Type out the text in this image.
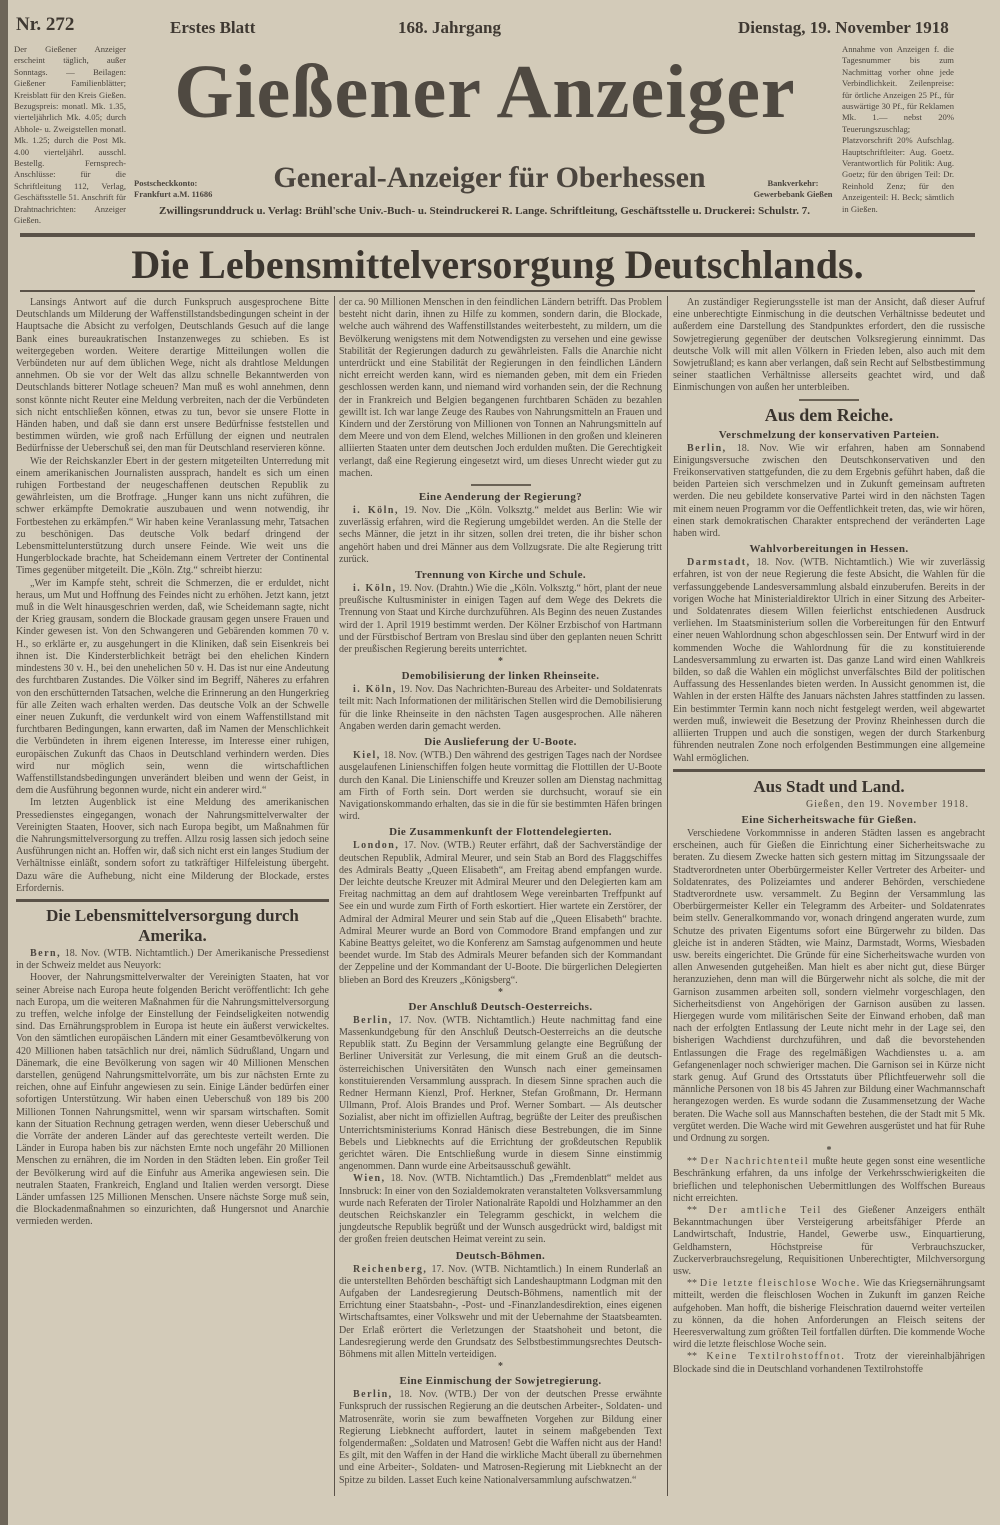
Nr. 272	Erstes Blatt	168. Jahrgang	Dienstag, 19. November 1918
Der Gießener Anzeiger erscheint täglich, außer Sonntags. — Beilagen: Gießener Familienblätter; Kreisblatt für den Kreis Gießen. Bezugspreis: monatl. Mk. 1.35, vierteljährlich Mk. 4.05; durch Abhole- u. Zweigstellen monatl. Mk. 1.25; durch die Post Mk. 4.00 vierteljährl. ausschl. Bestellg. Fernsprech-Anschlüsse: für die Schriftleitung 112, Verlag, Geschäftsstelle 51. Anschrift für Drahtnachrichten: Anzeiger Gießen.
Annahme von Anzeigen f. die Tagesnummer bis zum Nachmittag vorher ohne jede Verbindlichkeit. Zeilenpreise: für örtliche Anzeigen 25 Pf., für auswärtige 30 Pf., für Reklamen Mk. 1.— nebst 20% Teuerungszuschlag; Platzvorschrift 20% Aufschlag. Hauptschriftleiter: Aug. Goetz. Verantwortlich für Politik: Aug. Goetz; für den übrigen Teil: Dr. Reinhold Zenz; für den Anzeigenteil: H. Beck; sämtlich in Gießen.
Gießener Anzeiger
Postscheckkonto:
Frankfurt a.M. 11686
General-Anzeiger für Oberhessen	Bankverkehr:
Gewerbebank Gießen
Zwillingsrunddruck u. Verlag: Brühl'sche Univ.-Buch- u. Steindruckerei R. Lange. Schriftleitung, Geschäftsstelle u. Druckerei: Schulstr. 7.
Die Lebensmittelversorgung Deutschlands.

Lansings Antwort auf die durch Funkspruch ausgesprochene Bitte Deutschlands um Milderung der Waffenstillstandsbedingungen scheint in der Hauptsache die Absicht zu verfolgen, Deutschlands Gesuch auf die lange Bank eines bureaukratischen Instanzenweges zu schieben. Es ist weitergegeben worden. Weitere derartige Mitteilungen wollen die Verbündeten nur auf dem üblichen Wege, nicht als drahtlose Meldungen annehmen. Ob sie vor der Welt das allzu schnelle Bekanntwerden von Deutschlands bitterer Notlage scheuen? Man muß es wohl annehmen, denn sonst könnte nicht Reuter eine Meldung verbreiten, nach der die Verbündeten sich nicht entschließen können, etwas zu tun, bevor sie unsere Flotte in Händen haben, und daß sie dann erst unsere Bedürfnisse feststellen und bestimmen würden, wie groß nach Erfüllung der eignen und neutralen Bedürfnisse der Ueberschuß sei, den man für Deutschland reservieren könne.

Wie der Reichskanzler Ebert in der gestern mitgeteilten Unterredung mit einem amerikanischen Journalisten aussprach, handelt es sich um einen ruhigen Fortbestand der neugeschaffenen deutschen Republik zu gewährleisten, um die Brotfrage. „Hunger kann uns nicht zuführen, die schwer erkämpfte Demokratie auszubauen und wenn notwendig, ihr Fortbestehen zu erkämpfen.“ Wir haben keine Veranlassung mehr, Tatsachen zu beschönigen. Das deutsche Volk bedarf dringend der Lebensmittelunterstützung durch unsere Feinde. Wie weit uns die Hungerblockade brachte, hat Scheidemann einem Vertreter der Continental Times gegenüber mitgeteilt. Die „Köln. Ztg.“ schreibt hierzu:

„Wer im Kampfe steht, schreit die Schmerzen, die er erduldet, nicht heraus, um Mut und Hoffnung des Feindes nicht zu erhöhen. Jetzt kann, jetzt muß in die Welt hinausgeschrien werden, daß, wie Scheidemann sagte, nicht der Krieg grausam, sondern die Blockade grausam gegen unsere Frauen und Kinder gewesen ist. Von den Schwangeren und Gebärenden kommen 70 v. H., so erklärte er, zu ausgehungert in die Kliniken, daß sein Eisenkreis bei ihnen ist. Die Kindersterblichkeit beträgt bei den ehelichen Kindern mindestens 30 v. H., bei den unehelichen 50 v. H. Das ist nur eine Andeutung des furchtbaren Zustandes. Die Völker sind im Begriff, Näheres zu erfahren von den erschütternden Tatsachen, welche die Erinnerung an den Hungerkrieg für alle Zeiten wach erhalten werden. Das deutsche Volk an der Schwelle einer neuen Zukunft, die verdunkelt wird von einem Waffenstillstand mit furchtbaren Bedingungen, kann erwarten, daß im Namen der Menschlichkeit die Verbündeten in ihrem eigenen Interesse, im Interesse einer ruhigen, europäischen Zukunft das Chaos in Deutschland verhindern werden. Dies wird nur möglich sein, wenn die wirtschaftlichen Waffenstillstandsbedingungen unverändert bleiben und wenn der Geist, in dem die Ausführung begonnen wurde, nicht ein anderer wird.“

Im letzten Augenblick ist eine Meldung des amerikanischen Pressedienstes eingegangen, wonach der Nahrungsmittelverwalter der Vereinigten Staaten, Hoover, sich nach Europa begibt, um Maßnahmen für die Nahrungsmittelversorgung zu treffen. Allzu rosig lassen sich jedoch seine Ausführungen nicht an. Hoffen wir, daß sich nicht erst ein langes Studium der Verhältnisse einläßt, sondern sofort zu tatkräftiger Hilfeleistung übergeht. Dazu wäre die Aufhebung, nicht eine Milderung der Blockade, erstes Erfordernis.

Die Lebensmittelversorgung durch Amerika.

Bern, 18. Nov. (WTB. Nichtamtlich.) Der Amerikanische Pressedienst in der Schweiz meldet aus Neuyork:

Hoover, der Nahrungsmittelverwalter der Vereinigten Staaten, hat vor seiner Abreise nach Europa heute folgenden Bericht veröffentlicht: Ich gehe nach Europa, um die weiteren Maßnahmen für die Nahrungsmittelversorgung zu treffen, welche infolge der Einstellung der Feindseligkeiten notwendig sind. Das Ernährungsproblem in Europa ist heute ein äußerst verwickeltes. Von den sämtlichen europäischen Ländern mit einer Gesamtbevölkerung von 420 Millionen haben tatsächlich nur drei, nämlich Südrußland, Ungarn und Dänemark, die eine Bevölkerung von sagen wir 40 Millionen Menschen darstellen, genügend Nahrungsmittelvorräte, um bis zur nächsten Ernte zu reichen, ohne auf Einfuhr angewiesen zu sein. Einige Länder bedürfen einer sofortigen Unterstützung. Wir haben einen Ueberschuß von 189 bis 200 Millionen Tonnen Nahrungsmittel, wenn wir sparsam wirtschaften. Somit kann der Situation Rechnung getragen werden, wenn dieser Ueberschuß und die Vorräte der anderen Länder auf das gerechteste verteilt werden. Die Länder in Europa haben bis zur nächsten Ernte noch ungefähr 20 Millionen Menschen zu ernähren, die im Norden in den Städten leben. Ein großer Teil der Bevölkerung wird auf die Einfuhr aus Amerika angewiesen sein. Die neutralen Staaten, Frankreich, England und Italien werden versorgt. Diese Länder umfassen 125 Millionen Menschen. Unsere nächste Sorge muß sein, die Blockadenmaßnahmen so einzurichten, daß Hungersnot und Anarchie vermieden werden.

der ca. 90 Millionen Menschen in den feindlichen Ländern betrifft. Das Problem besteht nicht darin, ihnen zu Hilfe zu kommen, sondern darin, die Blockade, welche auch während des Waffenstillstandes weiterbesteht, zu mildern, um die Bevölkerung wenigstens mit dem Notwendigsten zu versehen und eine gewisse Stabilität der Regierungen dadurch zu gewährleisten. Falls die Anarchie nicht unterdrückt und eine Stabilität der Regierungen in den feindlichen Ländern nicht erreicht werden kann, wird es niemanden geben, mit dem ein Frieden geschlossen werden kann, und niemand wird vorhanden sein, der die Rechnung der in Frankreich und Belgien begangenen furchtbaren Schäden zu bezahlen gewillt ist. Ich war lange Zeuge des Raubes von Nahrungsmitteln an Frauen und Kindern und der Zerstörung von Millionen von Tonnen an Nahrungsmitteln auf dem Meere und von dem Elend, welches Millionen in den großen und kleineren alliierten Staaten unter dem deutschen Joch erdulden mußten. Die Gerechtigkeit verlangt, daß eine Regierung eingesetzt wird, um dieses Unrecht wieder gut zu machen.

Eine Aenderung der Regierung?

i. Köln, 19. Nov. Die „Köln. Volksztg.“ meldet aus Berlin: Wie wir zuverlässig erfahren, wird die Regierung umgebildet werden. An die Stelle der sechs Männer, die jetzt in ihr sitzen, sollen drei treten, die ihr bisher schon angehört haben und drei Männer aus dem Vollzugsrate. Die alte Regierung tritt zurück.

Trennung von Kirche und Schule.

i. Köln, 19. Nov. (Drahtn.) Wie die „Köln. Volksztg.“ hört, plant der neue preußische Kultusminister in einigen Tagen auf dem Wege des Dekrets die Trennung von Staat und Kirche durchzuführen. Als Beginn des neuen Zustandes wird der 1. April 1919 bestimmt werden. Der Kölner Erzbischof von Hartmann und der Fürstbischof Bertram von Breslau sind über den geplanten neuen Schritt der preußischen Regierung bereits unterrichtet.

*
Demobilisierung der linken Rheinseite.

i. Köln, 19. Nov. Das Nachrichten-Bureau des Arbeiter- und Soldatenrats teilt mit: Nach Informationen der militärischen Stellen wird die Demobilisierung für die linke Rheinseite in den nächsten Tagen ausgesprochen. Alle näheren Angaben werden darin gemacht werden.

Die Auslieferung der U-Boote.

Kiel, 18. Nov. (WTB.) Den während des gestrigen Tages nach der Nordsee ausgelaufenen Linienschiffen folgen heute vormittag die Flottillen der U-Boote durch den Kanal. Die Linienschiffe und Kreuzer sollen am Dienstag nachmittag am Firth of Forth sein. Dort werden sie durchsucht, worauf sie ein Navigationskommando erhalten, das sie in die für sie bestimmten Häfen bringen wird.

Die Zusammenkunft der Flottendelegierten.

London, 17. Nov. (WTB.) Reuter erfährt, daß der Sachverständige der deutschen Republik, Admiral Meurer, und sein Stab an Bord des Flaggschiffes des Admirals Beatty „Queen Elisabeth“, am Freitag abend empfangen wurde. Der leichte deutsche Kreuzer mit Admiral Meurer und den Delegierten kam am Freitag nachmittag an dem auf drahtlosem Wege vereinbarten Treffpunkt auf See ein und wurde zum Firth of Forth eskortiert. Hier wartete ein Zerstörer, der Admiral der Admiral Meurer und sein Stab auf die „Queen Elisabeth“ brachte. Admiral Meurer wurde an Bord von Commodore Brand empfangen und zur Kabine Beattys geleitet, wo die Konferenz am Samstag aufgenommen und heute beendet wurde. Im Stab des Admirals Meurer befanden sich der Kommandant der Zeppeline und der Kommandant der U-Boote. Die bürgerlichen Delegierten blieben an Bord des Kreuzers „Königsberg“.

*
Der Anschluß Deutsch-Oesterreichs.

Berlin, 17. Nov. (WTB. Nichtamtlich.) Heute nachmittag fand eine Massenkundgebung für den Anschluß Deutsch-Oesterreichs an die deutsche Republik statt. Zu Beginn der Versammlung gelangte eine Begrüßung der Berliner Universität zur Verlesung, die mit einem Gruß an die deutsch-österreichischen Universitäten den Wunsch nach einer gemeinsamen konstituierenden Versammlung aussprach. In diesem Sinne sprachen auch die Redner Hermann Kienzl, Prof. Herkner, Stefan Großmann, Dr. Hermann Ullmann, Prof. Alois Brandes und Prof. Werner Sombart. — Als deutscher Sozialist, aber nicht im offiziellen Auftrag, begrüßte der Leiter des preußischen Unterrichtsministeriums Konrad Hänisch diese Bestrebungen, die im Sinne Bebels und Liebknechts auf die Errichtung der großdeutschen Republik gerichtet wären. Die Entschließung wurde in diesem Sinne einstimmig angenommen. Dann wurde eine Arbeitsausschuß gewählt.

Wien, 18. Nov. (WTB. Nichtamtlich.) Das „Fremdenblatt“ meldet aus Innsbruck: In einer von den Sozialdemokraten veranstalteten Volksversammlung wurde nach Referaten der Tiroler Nationalräte Rapoldi und Holzhammer an den deutschen Reichskanzler ein Telegramm geschickt, in welchem die jungdeutsche Republik begrüßt und der Wunsch ausgedrückt wird, baldigst mit der großen freien deutschen Heimat vereint zu sein.

Deutsch-Böhmen.

Reichenberg, 17. Nov. (WTB. Nichtamtlich.) In einem Runderlaß an die unterstellten Behörden beschäftigt sich Landeshauptmann Lodgman mit den Aufgaben der Landesregierung Deutsch-Böhmens, namentlich mit der Errichtung einer Staatsbahn-, -Post- und -Finanzlandesdirektion, eines eigenen Wirtschaftsamtes, einer Volkswehr und mit der Uebernahme der Staatsbeamten. Der Erlaß erörtert die Verletzungen der Staatshoheit und betont, die Landesregierung werde den Grundsatz des Selbstbestimmungsrechtes Deutsch-Böhmens mit allen Mitteln verteidigen.

*
Eine Einmischung der Sowjetregierung.

Berlin, 18. Nov. (WTB.) Der von der deutschen Presse erwähnte Funkspruch der russischen Regierung an die deutschen Arbeiter-, Soldaten- und Matrosenräte, worin sie zum bewaffneten Vorgehen zur Bildung einer Regierung Liebknecht auffordert, lautet in seinem maßgebenden Text folgendermaßen: „Soldaten und Matrosen! Gebt die Waffen nicht aus der Hand! Es gilt, mit den Waffen in der Hand die wirkliche Macht überall zu übernehmen und eine Arbeiter-, Soldaten- und Matrosen-Regierung mit Liebknecht an der Spitze zu bilden. Lasset Euch keine Nationalversammlung aufschwatzen.“

An zuständiger Regierungsstelle ist man der Ansicht, daß dieser Aufruf eine unberechtigte Einmischung in die deutschen Verhältnisse bedeutet und außerdem eine Darstellung des Standpunktes erfordert, den die russische Sowjetregierung gegenüber der deutschen Volksregierung einnimmt. Das deutsche Volk will mit allen Völkern in Frieden leben, also auch mit dem Sowjetrußland; es kann aber verlangen, daß sein Recht auf Selbstbestimmung seiner staatlichen Verhältnisse allerseits geachtet wird, und daß Einmischungen von außen her unterbleiben.

Aus dem Reiche.
Verschmelzung der konservativen Parteien.

Berlin, 18. Nov. Wie wir erfahren, haben am Sonnabend Einigungsversuche zwischen den Deutschkonservativen und den Freikonservativen stattgefunden, die zu dem Ergebnis geführt haben, daß die beiden Parteien sich verschmelzen und in Zukunft gemeinsam auftreten werden. Die neu gebildete konservative Partei wird in den nächsten Tagen mit einem neuen Programm vor die Oeffentlichkeit treten, das, wie wir hören, einen stark demokratischen Charakter entsprechend der veränderten Lage haben wird.

Wahlvorbereitungen in Hessen.

Darmstadt, 18. Nov. (WTB. Nichtamtlich.) Wie wir zuverlässig erfahren, ist von der neue Regierung die feste Absicht, die Wahlen für die verfassunggebende Landesversammlung alsbald einzuberufen. Bereits in der vorigen Woche hat Ministerialdirektor Ulrich in einer Sitzung des Arbeiter- und Soldatenrates diesem Willen feierlichst entschiedenen Ausdruck verliehen. Im Staatsministerium sollen die Vorbereitungen für den Entwurf einer neuen Wahlordnung schon abgeschlossen sein. Der Entwurf wird in der kommenden Woche die Wahlordnung für die zu konstituierende Landesversammlung zu erwarten ist. Das ganze Land wird einen Wahlkreis bilden, so daß die Wahlen ein möglichst unverfälschtes Bild der politischen Auffassung des Hessenlandes bieten werden. In Aussicht genommen ist, die Wahlen in der ersten Hälfte des Januars nächsten Jahres stattfinden zu lassen. Ein bestimmter Termin kann noch nicht festgelegt werden, weil abgewartet werden muß, inwieweit die Besetzung der Provinz Rheinhessen durch die alliierten Truppen und auch die sonstigen, wegen der durch Starkenburg führenden neutralen Zone noch erfolgenden Bestimmungen eine allgemeine Wahl ermöglichen.

Aus Stadt und Land.
Gießen, den 19. November 1918.
Eine Sicherheitswache für Gießen.

Verschiedene Vorkommnisse in anderen Städten lassen es angebracht erscheinen, auch für Gießen die Einrichtung einer Sicherheitswache zu beraten. Zu diesem Zwecke hatten sich gestern mittag im Sitzungssaale der Stadtverordneten unter Oberbürgermeister Keller Vertreter des Arbeiter- und Soldatenrates, des Polizeiamtes und anderer Behörden, verschiedene Stadtverordnete usw. versammelt. Zu Beginn der Versammlung las Oberbürgermeister Keller ein Telegramm des Arbeiter- und Soldatenrates beim stellv. Generalkommando vor, wonach dringend angeraten wurde, zum Schutze des privaten Eigentums sofort eine Bürgerwehr zu bilden. Das gleiche ist in anderen Städten, wie Mainz, Darmstadt, Worms, Wiesbaden usw. bereits eingerichtet. Die Gründe für eine Sicherheitswache wurden von allen Anwesenden gutgeheißen. Man hielt es aber nicht gut, diese Bürger heranzuziehen, denn man will die Bürgerwehr nicht als solche, die mit der Garnison zusammen arbeiten soll, sondern vielmehr vorgeschlagen, den Sicherheitsdienst von Angehörigen der Garnison ausüben zu lassen. Hiergegen wurde vom militärischen Seite der Einwand erhoben, daß man nach der erfolgten Entlassung der Leute nicht mehr in der Lage sei, den bisherigen Wachdienst durchzuführen, und daß die bevorstehenden Entlassungen die Frage des regelmäßigen Wachdienstes u. a. am Gefangenenlager noch schwieriger machen. Die Garnison sei in Kürze nicht stark genug. Auf Grund des Ortsstatuts über Pflichtfeuerwehr soll die männliche Personen von 18 bis 45 Jahren zur Bildung einer Wachmannschaft herangezogen werden. Es wurde sodann die Zusammensetzung der Wache beraten. Die Wache soll aus Mannschaften bestehen, die der Stadt mit 5 Mk. vergütet werden. Die Wache wird mit Gewehren ausgerüstet und hat für Ruhe und Ordnung zu sorgen.

*

** Der Nachrichtenteil mußte heute gegen sonst eine wesentliche Beschränkung erfahren, da uns infolge der Verkehrsschwierigkeiten die brieflichen und telephonischen Uebermittlungen des Wolffschen Bureaus nicht erreichten.

** Der amtliche Teil des Gießener Anzeigers enthält Bekanntmachungen über Versteigerung arbeitsfähiger Pferde an Landwirtschaft, Industrie, Handel, Gewerbe usw., Einquartierung, Geldhamstern, Höchstpreise für Verbrauchszucker, Zuckerverbrauchsregelung, Requisitionen Unberechtigter, Milchversorgung usw.

** Die letzte fleischlose Woche. Wie das Kriegsernährungsamt mitteilt, werden die fleischlosen Wochen in Zukunft im ganzen Reiche aufgehoben. Man hofft, die bisherige Fleischration dauernd weiter verteilen zu können, da die hohen Anforderungen an Fleisch seitens der Heeresverwaltung zum größten Teil fortfallen dürften. Die kommende Woche wird die letzte fleischlose Woche sein.

** Keine Textilrohstoffnot. Trotz der viereinhalbjährigen Blockade sind die in Deutschland vorhandenen Textilrohstoffe
